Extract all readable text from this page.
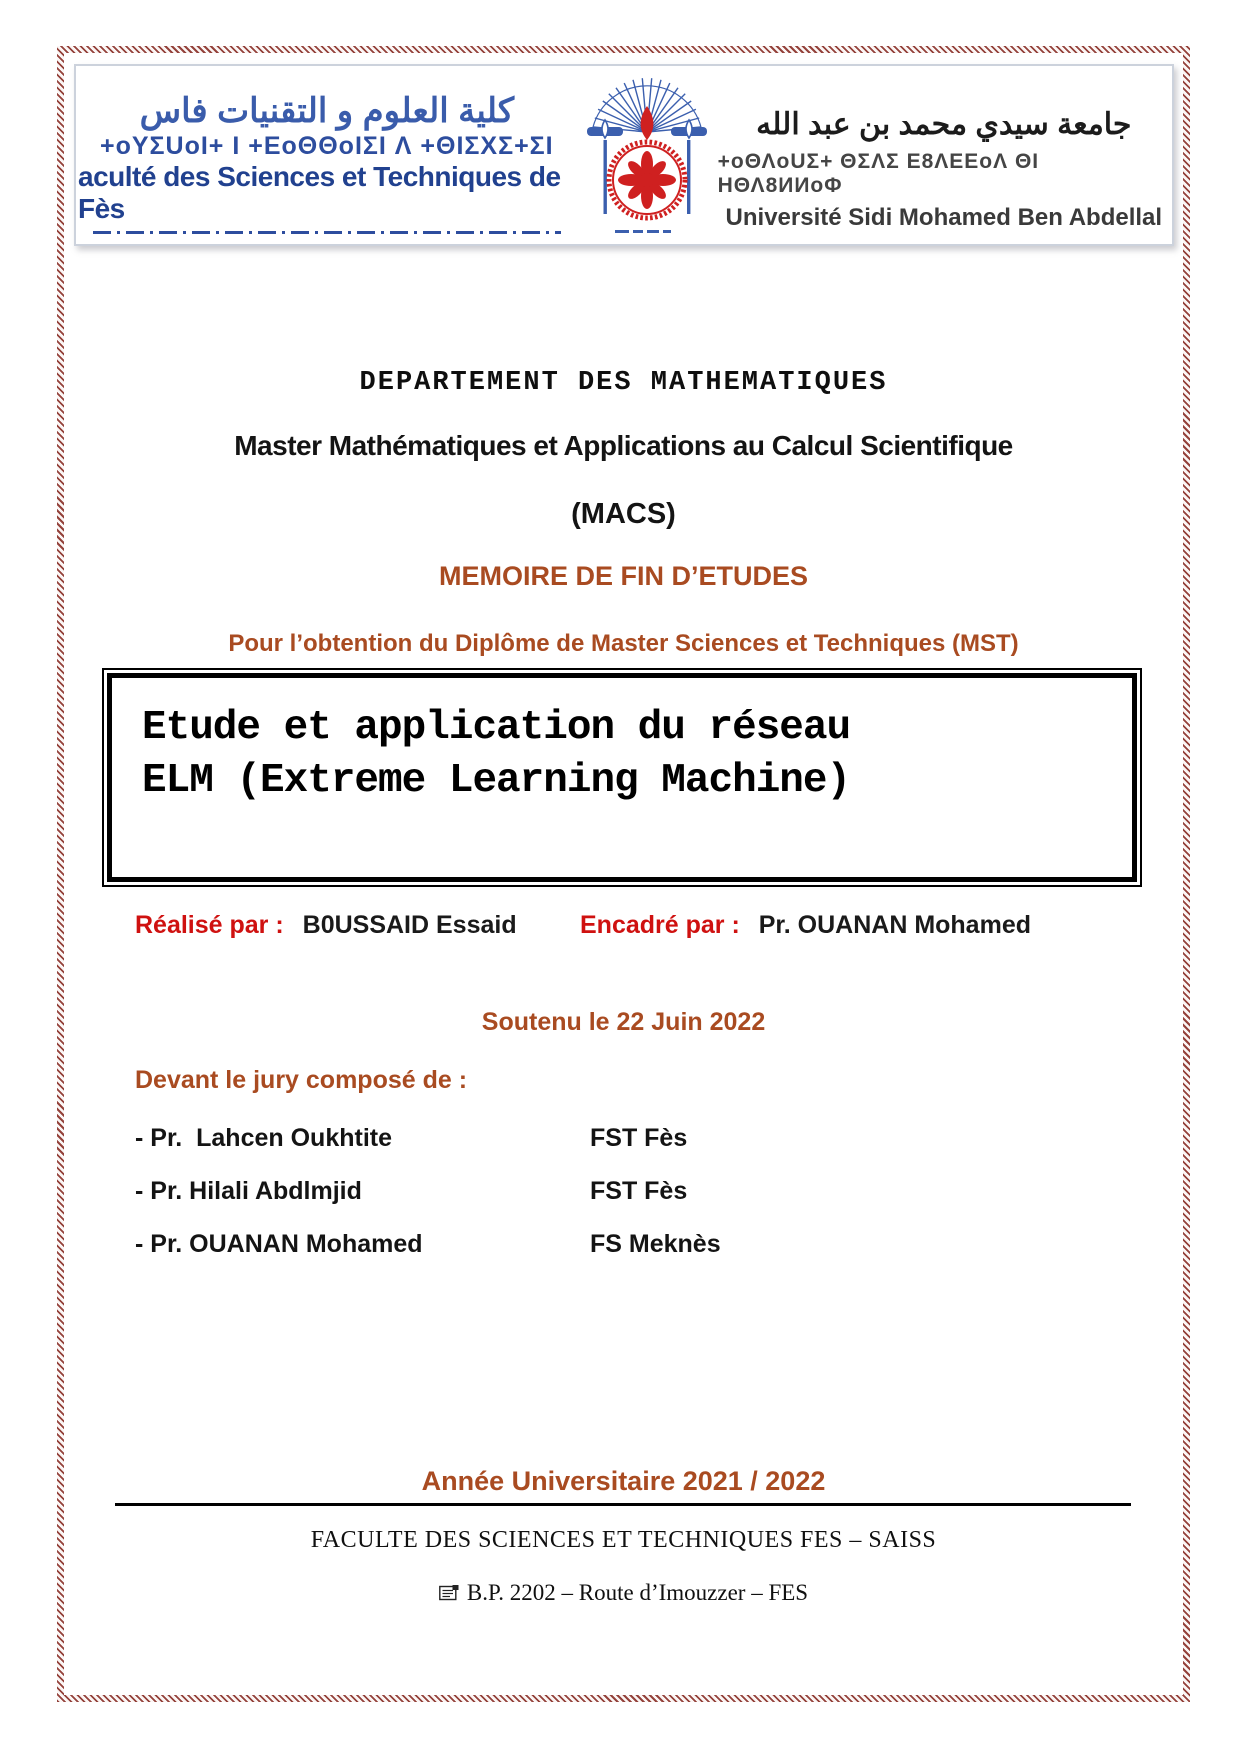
كلية العلوم و التقنيات فاس
+oYΣUoI+ I +ΕoΘΘoIΣI Λ +ΘIΣXΣ+ΣI
aculté des Sciences et Techniques de Fès
جامعة سيدي محمد بن عبد الله
+oΘΛoUΣ+ ΘΣΛΣ Ε8ΛΕΕoΛ ΘI ΗΘΛ8ИИoΦ
Université Sidi Mohamed Ben Abdellal
DEPARTEMENT DES MATHEMATIQUES
Master Mathématiques et Applications au Calcul Scientifique
(MACS)
MEMOIRE DE FIN D’ETUDES
Pour l’obtention du Diplôme de Master Sciences et Techniques (MST)
Etude et application du réseau
ELM (Extreme Learning Machine)
Réalisé par : B0USSAID Essaid	Encadré par : Pr. OUANAN Mohamed
Soutenu le 22 Juin 2022
Devant le jury composé de :
- Pr.  Lahcen Oukhtite	FST Fès
- Pr. Hilali Abdlmjid	FST Fès
- Pr. OUANAN Mohamed	FS Meknès
Année Universitaire 2021 / 2022
FACULTE DES SCIENCES ET TECHNIQUES FES – SAISS
B.P. 2202 – Route d’Imouzzer – FES
